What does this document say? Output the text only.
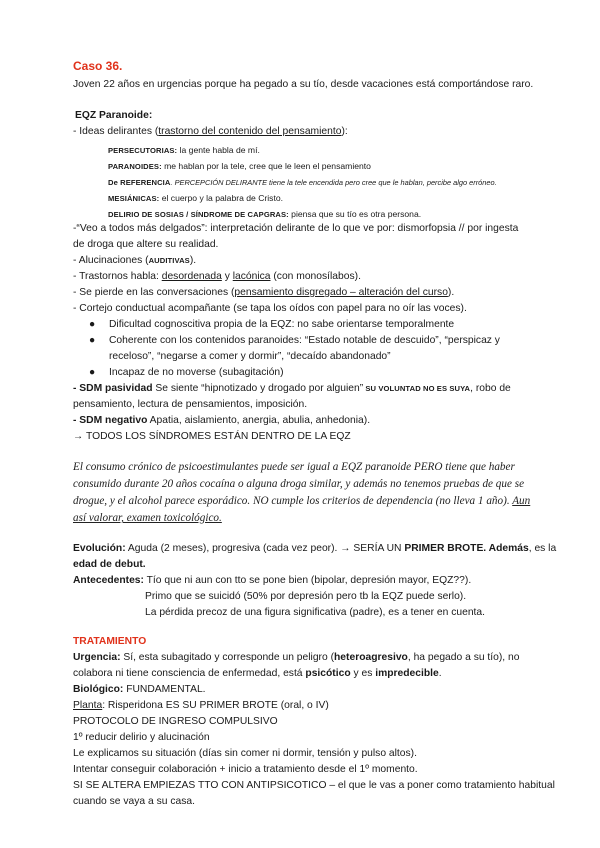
Caso 36.
Joven 22 años en urgencias porque ha pegado a su tío, desde vacaciones está comportándose raro.
EQZ Paranoide:
- Ideas delirantes (trastorno del contenido del pensamiento):
PERSECUTORIAS: la gente habla de mí.
PARANOIDES: me hablan por la tele, cree que le leen el pensamiento
De REFERENCIA. PERCEPCIÓN DELIRANTE tiene la tele encendida pero cree que le hablan, percibe algo erróneo.
MESIÁNICAS: el cuerpo y la palabra de Cristo.
DELIRIO DE SOSIAS / SÍNDROME DE CAPGRAS: piensa que su tío es otra persona.
-“Veo a todos más delgados”: interpretación delirante de lo que ve por: dismorfopsia // por ingesta
de droga que altere su realidad.
- Alucinaciones (AUDITIVAS).
- Trastornos habla: desordenada y lacónica (con monosílabos).
- Se pierde en las conversaciones (pensamiento disgregado – alteración del curso).
- Cortejo conductual acompañante (se tapa los oídos con papel para no oír las voces).
● Dificultad cognoscitiva propia de la EQZ: no sabe orientarse temporalmente
● Coherente con los contenidos paranoides: “Estado notable de descuido”, “perspicaz y
receloso”, “negarse a comer y dormir”, “decaído abandonado”
● Incapaz de no moverse (subagitación)
- SDM pasividad Se siente “hipnotizado y drogado por alguien” SU VOLUNTAD NO ES SUYA, robo de
pensamiento, lectura de pensamientos, imposición.
- SDM negativo Apatia, aislamiento, anergia, abulia, anhedonia).
→ TODOS LOS SÍNDROMES ESTÁN DENTRO DE LA EQZ
El consumo crónico de psicoestimulantes puede ser igual a EQZ paranoide PERO tiene que haber
consumido durante 20 años cocaína o alguna droga similar, y además no tenemos pruebas de que se
drogue, y el alcohol parece esporádico. NO cumple los criterios de dependencia (no lleva 1 año). Aun
así valorar, examen toxicológico.
Evolución: Aguda (2 meses), progresiva (cada vez peor). → SERÍA UN PRIMER BROTE. Además, es la
edad de debut.
Antecedentes: Tío que ni aun con tto se pone bien (bipolar, depresión mayor, EQZ??).
Primo que se suicidó (50% por depresión pero tb la EQZ puede serlo).
La pérdida precoz de una figura significativa (padre), es a tener en cuenta.
TRATAMIENTO
Urgencia: Sí, esta subagitado y corresponde un peligro (heteroagresivo, ha pegado a su tío), no
colabora ni tiene consciencia de enfermedad, está psicótico y es impredecible.
Biológico: FUNDAMENTAL.
Planta: Risperidona ES SU PRIMER BROTE (oral, o IV)
PROTOCOLO DE INGRESO COMPULSIVO
1º reducir delirio y alucinación
Le explicamos su situación (días sin comer ni dormir, tensión y pulso altos).
Intentar conseguir colaboración + inicio a tratamiento desde el 1º momento.
SI SE ALTERA EMPIEZAS TTO CON ANTIPSICOTICO – el que le vas a poner como tratamiento habitual
cuando se vaya a su casa.
